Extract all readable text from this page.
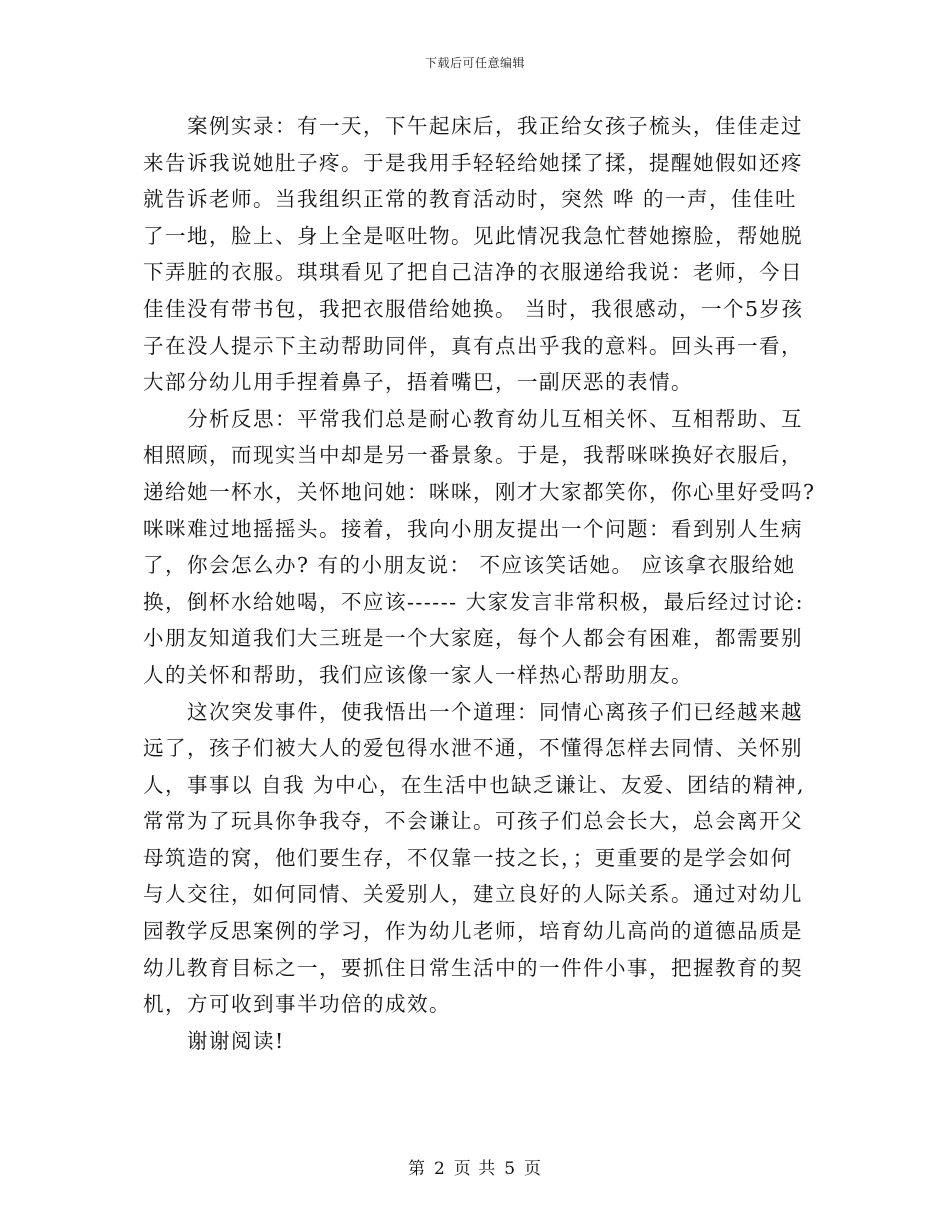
下载后可任意编辑
案例实录：有一天，下午起床后，我正给女孩子梳头，佳佳走过
来告诉我说她肚子疼。于是我用手轻轻给她揉了揉，提醒她假如还疼
就告诉老师。当我组织正常的教育活动时，突然 哗 的一声，佳佳吐
了一地，脸上、身上全是呕吐物。见此情况我急忙替她擦脸，帮她脱
下弄脏的衣服。琪琪看见了把自己洁净的衣服递给我说：老师，今日
佳佳没有带书包，我把衣服借给她换。 当时，我很感动，一个5岁孩
子在没人提示下主动帮助同伴，真有点出乎我的意料。回头再一看，
大部分幼儿用手捏着鼻子，捂着嘴巴，一副厌恶的表情。
分析反思：平常我们总是耐心教育幼儿互相关怀、互相帮助、互
相照顾，而现实当中却是另一番景象。于是，我帮咪咪换好衣服后，
递给她一杯水，关怀地问她：咪咪，刚才大家都笑你，你心里好受吗?
咪咪难过地摇摇头。接着，我向小朋友提出一个问题：看到别人生病
了，你会怎么办? 有的小朋友说： 不应该笑话她。 应该拿衣服给她
换，倒杯水给她喝，不应该------ 大家发言非常积极，最后经过讨论:
小朋友知道我们大三班是一个大家庭，每个人都会有困难，都需要别
人的关怀和帮助，我们应该像一家人一样热心帮助朋友。
这次突发事件，使我悟出一个道理：同情心离孩子们已经越来越
远了，孩子们被大人的爱包得水泄不通，不懂得怎样去同情、关怀别
人，事事以 自我 为中心，在生活中也缺乏谦让、友爱、团结的精神,
常常为了玩具你争我夺，不会谦让。可孩子们总会长大，总会离开父
母筑造的窝，他们要生存，不仅靠一技之长，；更重要的是学会如何
与人交往，如何同情、关爱别人，建立良好的人际关系。通过对幼儿
园教学反思案例的学习，作为幼儿老师，培育幼儿高尚的道德品质是
幼儿教育目标之一，要抓住日常生活中的一件件小事，把握教育的契
机，方可收到事半功倍的成效。
谢谢阅读!
第 2 页 共 5 页
